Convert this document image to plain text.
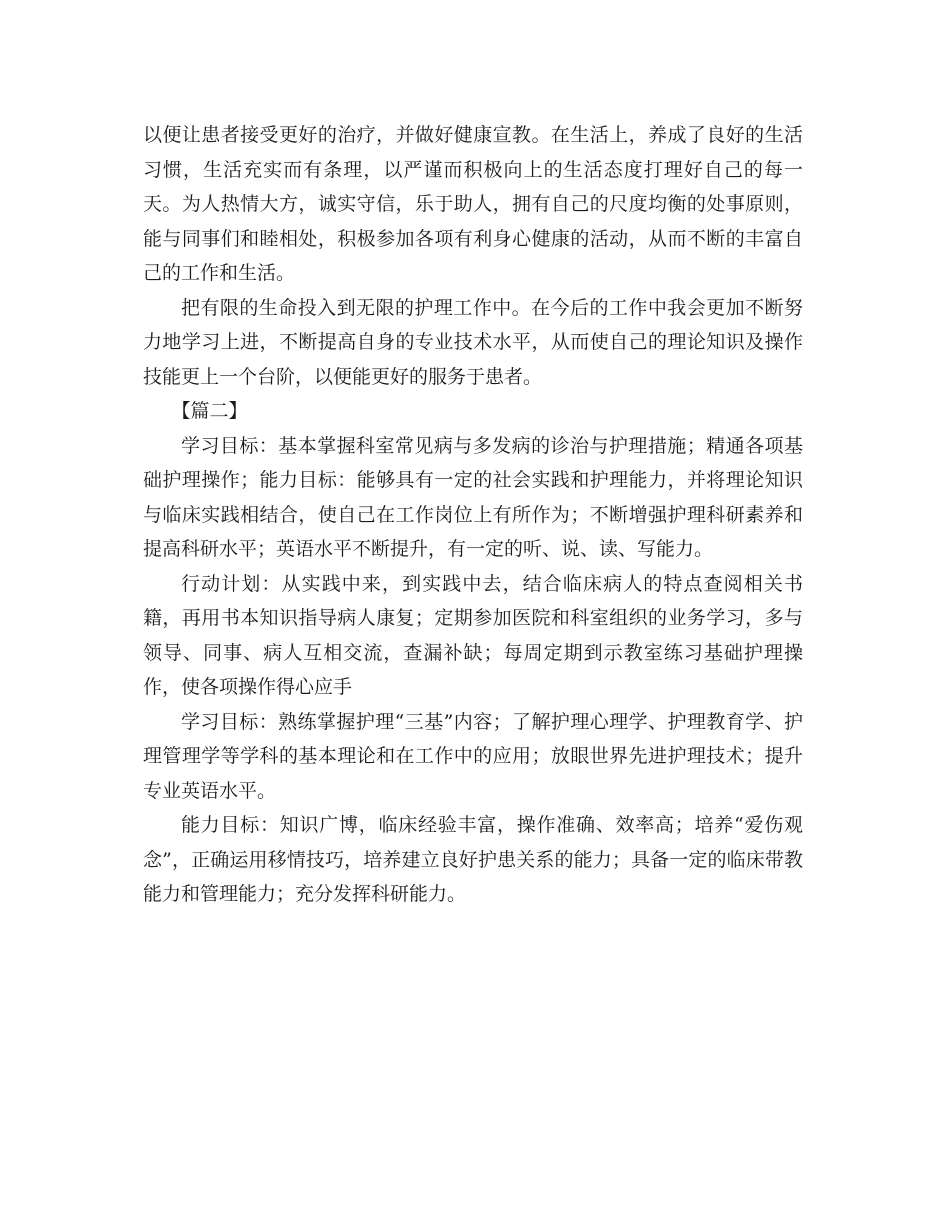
以便让患者接受更好的治疗，并做好健康宣教。在生活上，养成了良好的生活习惯，生活充实而有条理，以严谨而积极向上的生活态度打理好自己的每一天。为人热情大方，诚实守信，乐于助人，拥有自己的尺度均衡的处事原则，能与同事们和睦相处，积极参加各项有利身心健康的活动，从而不断的丰富自己的工作和生活。

把有限的生命投入到无限的护理工作中。在今后的工作中我会更加不断努力地学习上进，不断提高自身的专业技术水平，从而使自己的理论知识及操作技能更上一个台阶，以便能更好的服务于患者。

【篇二】

学习目标：基本掌握科室常见病与多发病的诊治与护理措施；精通各项基础护理操作；能力目标：能够具有一定的社会实践和护理能力，并将理论知识与临床实践相结合，使自己在工作岗位上有所作为；不断增强护理科研素养和提高科研水平；英语水平不断提升，有一定的听、说、读、写能力。

行动计划：从实践中来，到实践中去，结合临床病人的特点查阅相关书籍，再用书本知识指导病人康复；定期参加医院和科室组织的业务学习，多与领导、同事、病人互相交流，查漏补缺；每周定期到示教室练习基础护理操作，使各项操作得心应手

学习目标：熟练掌握护理“三基”内容；了解护理心理学、护理教育学、护理管理学等学科的基本理论和在工作中的应用；放眼世界先进护理技术；提升专业英语水平。

能力目标：知识广博，临床经验丰富，操作准确、效率高；培养“爱伤观念”，正确运用移情技巧，培养建立良好护患关系的能力；具备一定的临床带教能力和管理能力；充分发挥科研能力。
